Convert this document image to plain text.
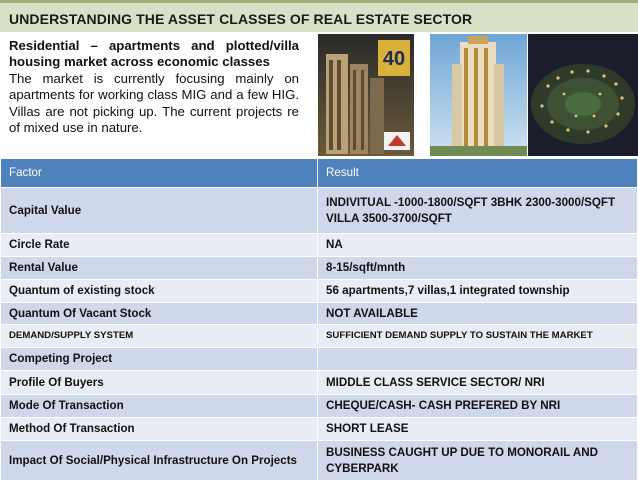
UNDERSTANDING THE ASSET CLASSES OF REAL ESTATE SECTOR
Residential – apartments and plotted/villa housing market across economic classes
The market is currently focusing mainly on apartments for working class MIG and a few HIG. Villas are not picking up. The current projects re of mixed use in nature.
40
Factor	Result
Capital Value	INDIVITUAL -1000-1800/SQFT 3BHK 2300-3000/SQFT VILLA 3500-3700/SQFT
Circle Rate	NA
Rental Value	8-15/sqft/mnth
Quantum of existing stock	56 apartments,7 villas,1 integrated township
Quantum Of Vacant Stock	NOT AVAILABLE
DEMAND/SUPPLY SYSTEM	SUFFICIENT DEMAND SUPPLY TO SUSTAIN THE MARKET
Competing Project	
Profile Of Buyers	MIDDLE CLASS SERVICE SECTOR/ NRI
Mode Of Transaction	CHEQUE/CASH- CASH PREFERED BY NRI
Method Of Transaction	SHORT LEASE
Impact Of Social/Physical Infrastructure On Projects	BUSINESS CAUGHT UP DUE TO MONORAIL AND CYBERPARK
